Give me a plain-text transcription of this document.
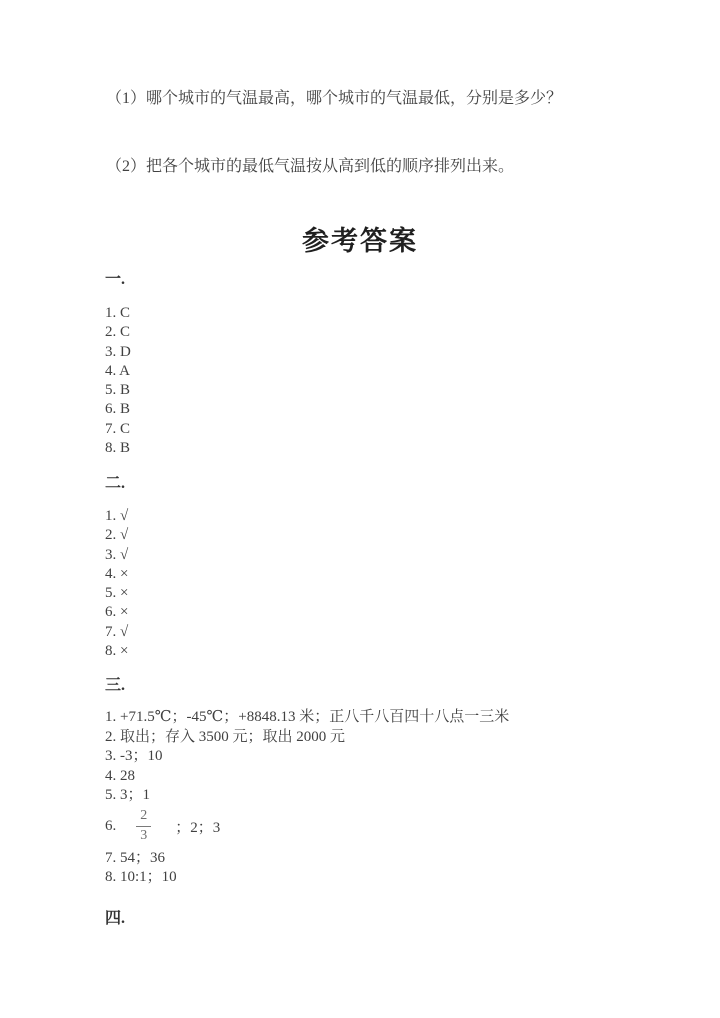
（1）哪个城市的气温最高，哪个城市的气温最低，分别是多少？
（2）把各个城市的最低气温按从高到低的顺序排列出来。
参考答案
一.
1. C
2. C
3. D
4. A
5. B
6. B
7. C
8. B
二.
1. √
2. √
3. √
4. ×
5. ×
6. ×
7. √
8. ×
三.
1. +71.5℃；-45℃；+8848.13 米；正八千八百四十八点一三米
2. 取出；存入 3500 元；取出 2000 元
3. -3；10
4. 28
5. 3；1
6. $\frac{2}{3}$ ；2；3
7. 54；36
8. 10:1；10
四.
